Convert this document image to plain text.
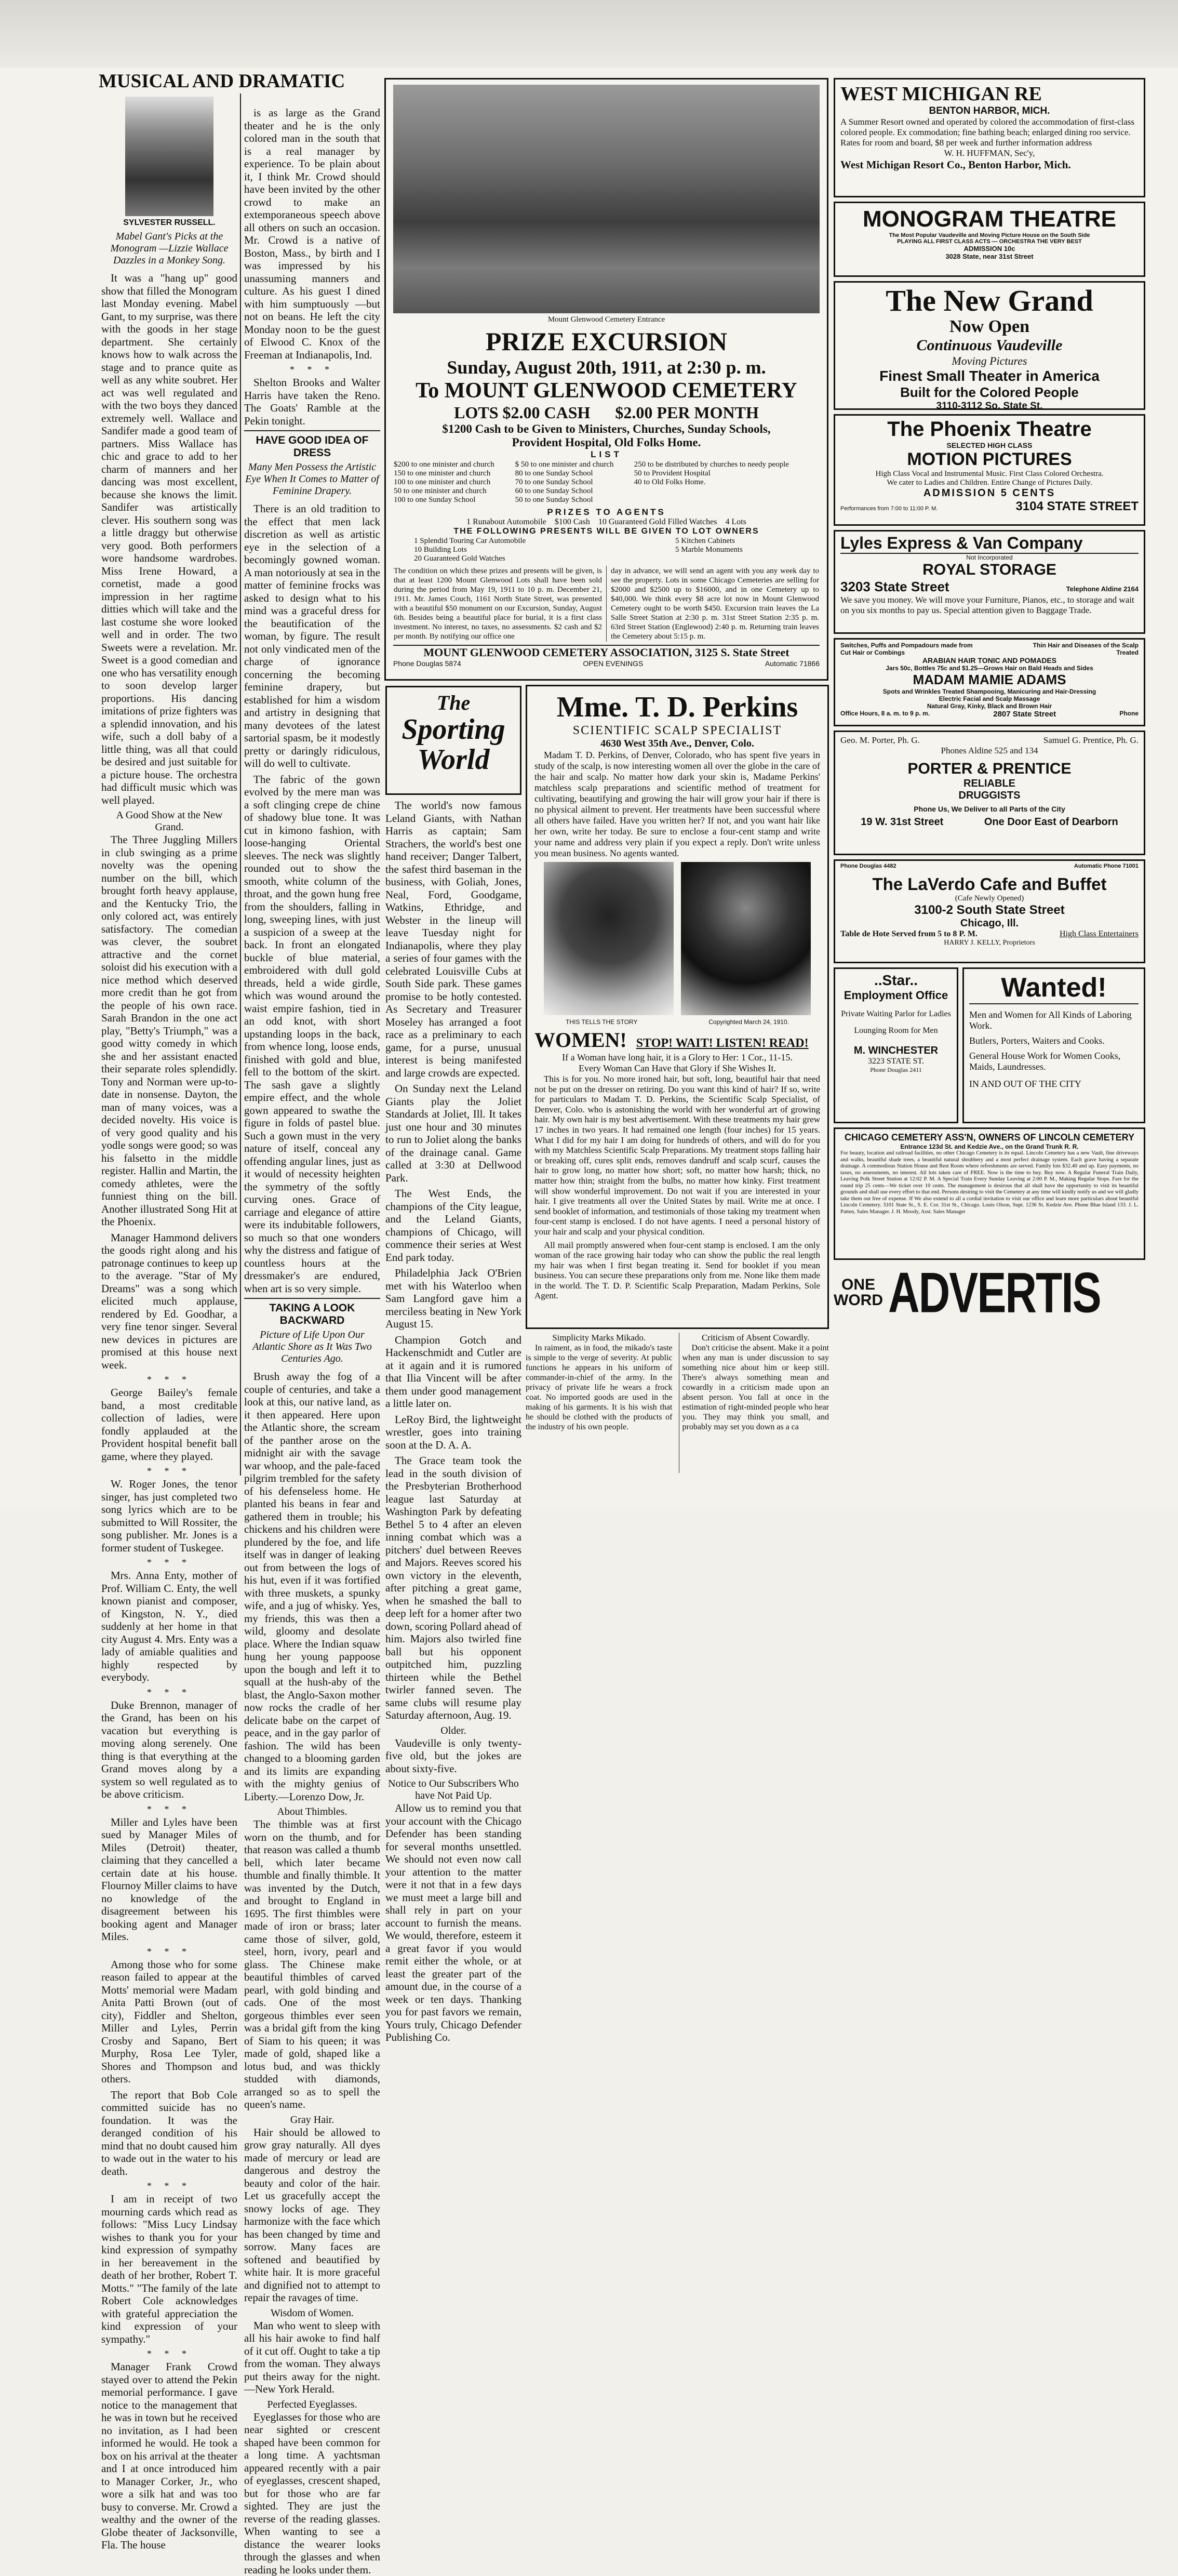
MUSICAL AND DRAMATIC
SYLVESTER RUSSELL.
Mabel Gant's Picks at the Monogram —Lizzie Wallace Dazzles in a Monkey Song.

It was a "hang up" good show that filled the Monogram last Monday evening. Mabel Gant, to my surprise, was there with the goods in her stage department. She certainly knows how to walk across the stage and to prance quite as well as any white soubret. Her act was well regulated and with the two boys they danced extremely well. Wallace and Sandifer made a good team of partners. Miss Wallace has chic and grace to add to her charm of manners and her dancing was most excellent, because she knows the limit. Sandifer was artistically clever. His southern song was a little draggy but otherwise very good. Both performers wore handsome wardrobes. Miss Irene Howard, a cornetist, made a good impression in her ragtime ditties which will take and the last costume she wore looked well and in order. The two Sweets were a revelation. Mr. Sweet is a good comedian and one who has versatility enough to soon develop larger proportions. His dancing imitations of prize fighters was a splendid innovation, and his wife, such a doll baby of a little thing, was all that could be desired and just suitable for a picture house. The orchestra had difficult music which was well played.

A Good Show at the New Grand.

The Three Juggling Millers in club swinging as a prime novelty was the opening number on the bill, which brought forth heavy applause, and the Kentucky Trio, the only colored act, was entirely satisfactory. The comedian was clever, the soubret attractive and the cornet soloist did his execution with a nice method which deserved more credit than he got from the people of his own race. Sarah Brandon in the one act play, "Betty's Triumph," was a good witty comedy in which she and her assistant enacted their separate roles splendidly. Tony and Norman were up-to-date in nonsense. Dayton, the man of many voices, was a decided novelty. His voice is of very good quality and his yodle songs were good; so was his falsetto in the middle register. Hallin and Martin, the comedy athletes, were the funniest thing on the bill. Another illustrated Song Hit at the Phoenix.

Manager Hammond delivers the goods right along and his patronage continues to keep up to the average. "Star of My Dreams" was a song which elicited much applause, rendered by Ed. Goodhar, a very fine tenor singer. Several new devices in pictures are promised at this house next week.

* * *

George Bailey's female band, a most creditable collection of ladies, were fondly applauded at the Provident hospital benefit ball game, where they played.

* * *

W. Roger Jones, the tenor singer, has just completed two song lyrics which are to be submitted to Will Rossiter, the song publisher. Mr. Jones is a former student of Tuskegee.

* * *

Mrs. Anna Enty, mother of Prof. William C. Enty, the well known pianist and composer, of Kingston, N. Y., died suddenly at her home in that city August 4. Mrs. Enty was a lady of amiable qualities and highly respected by everybody.

* * *

Duke Brennon, manager of the Grand, has been on his vacation but everything is moving along serenely. One thing is that everything at the Grand moves along by a system so well regulated as to be above criticism.

* * *

Miller and Lyles have been sued by Manager Miles of Miles (Detroit) theater, claiming that they cancelled a certain date at his house. Flournoy Miller claims to have no knowledge of the disagreement between his booking agent and Manager Miles.

* * *

Among those who for some reason failed to appear at the Motts' memorial were Madam Anita Patti Brown (out of city), Fiddler and Shelton, Miller and Lyles, Perrin Crosby and Sapano, Bert Murphy, Rosa Lee Tyler, Shores and Thompson and others.

The report that Bob Cole committed suicide has no foundation. It was the deranged condition of his mind that no doubt caused him to wade out in the water to his death.

* * *

I am in receipt of two mourning cards which read as follows: "Miss Lucy Lindsay wishes to thank you for your kind expression of sympathy in her bereavement in the death of her brother, Robert T. Motts." "The family of the late Robert Cole acknowledges with grateful appreciation the kind expression of your sympathy."

* * *

Manager Frank Crowd stayed over to attend the Pekin memorial performance. I gave notice to the management that he was in town but he received no invitation, as I had been informed he would. He took a box on his arrival at the theater and I at once introduced him to Manager Corker, Jr., who wore a silk hat and was too busy to converse. Mr. Crowd a wealthy and the owner of the Globe theater of Jacksonville, Fla. The house

is as large as the Grand theater and he is the only colored man in the south that is a real manager by experience. To be plain about it, I think Mr. Crowd should have been invited by the other crowd to make an extemporaneous speech above all others on such an occasion. Mr. Crowd is a native of Boston, Mass., by birth and I was impressed by his unassuming manners and culture. As his guest I dined with him sumptuously —but not on beans. He left the city Monday noon to be the guest of Elwood C. Knox of the Freeman at Indianapolis, Ind.

* * *

Shelton Brooks and Walter Harris have taken the Reno. The Goats' Ramble at the Pekin tonight.

HAVE GOOD IDEA OF DRESS
Many Men Possess the Artistic Eye When It Comes to Matter of Feminine Drapery.

There is an old tradition to the effect that men lack discretion as well as artistic eye in the selection of a becomingly gowned woman. A man notoriously at sea in the matter of feminine frocks was asked to design what to his mind was a graceful dress for the beautification of the woman, by figure. The result not only vindicated men of the charge of ignorance concerning the becoming feminine drapery, but established for him a wisdom and artistry in designing that many devotees of the latest sartorial spasm, be it modestly pretty or daringly ridiculous, will do well to cultivate.

The fabric of the gown evolved by the mere man was a soft clinging crepe de chine of shadowy blue tone. It was cut in kimono fashion, with loose-hanging Oriental sleeves. The neck was slightly rounded out to show the smooth, white column of the throat, and the gown hung free from the shoulders, falling in long, sweeping lines, with just a suspicion of a sweep at the back. In front an elongated buckle of blue material, embroidered with dull gold threads, held a wide girdle, which was wound around the waist empire fashion, tied in an odd knot, with short upstanding loops in the back, from whence long, loose ends, finished with gold and blue, fell to the bottom of the skirt. The sash gave a slightly empire effect, and the whole gown appeared to swathe the figure in folds of pastel blue. Such a gown must in the very nature of itself, conceal any offending angular lines, just as it would of necessity heighten the symmetry of the softly curving ones. Grace of carriage and elegance of attire were its indubitable followers, so much so that one wonders why the distress and fatigue of countless hours at the dressmaker's are endured, when art is so very simple.

TAKING A LOOK BACKWARD
Picture of Life Upon Our Atlantic Shore as It Was Two Centuries Ago.

Brush away the fog of a couple of centuries, and take a look at this, our native land, as it then appeared. Here upon the Atlantic shore, the scream of the panther arose on the midnight air with the savage war whoop, and the pale-faced pilgrim trembled for the safety of his defenseless home. He planted his beans in fear and gathered them in trouble; his chickens and his children were plundered by the foe, and life itself was in danger of leaking out from between the logs of his hut, even if it was fortified with three muskets, a spunky wife, and a jug of whisky. Yes, my friends, this was then a wild, gloomy and desolate place. Where the Indian squaw hung her young pappoose upon the bough and left it to squall at the hush-aby of the blast, the Anglo-Saxon mother now rocks the cradle of her delicate babe on the carpet of peace, and in the gay parlor of fashion. The wild has been changed to a blooming garden and its limits are expanding with the mighty genius of Liberty.—Lorenzo Dow, Jr.

About Thimbles.

The thimble was at first worn on the thumb, and for that reason was called a thumb bell, which later became thumble and finally thimble. It was invented by the Dutch, and brought to England in 1695. The first thimbles were made of iron or brass; later came those of silver, gold, steel, horn, ivory, pearl and glass. The Chinese make beautiful thimbles of carved pearl, with gold binding and cads. One of the most gorgeous thimbles ever seen was a bridal gift from the king of Siam to his queen; it was made of gold, shaped like a lotus bud, and was thickly studded with diamonds, arranged so as to spell the queen's name.

Gray Hair.

Hair should be allowed to grow gray naturally. All dyes made of mercury or lead are dangerous and destroy the beauty and color of the hair. Let us gracefully accept the snowy locks of age. They harmonize with the face which has been changed by time and sorrow. Many faces are softened and beautified by white hair. It is more graceful and dignified not to attempt to repair the ravages of time.

Wisdom of Women.

Man who went to sleep with all his hair awoke to find half of it cut off. Ought to take a tip from the woman. They always put theirs away for the night.—New York Herald.

Perfected Eyeglasses.

Eyeglasses for those who are near sighted or crescent shaped have been common for a long time. A yachtsman appeared recently with a pair of eyeglasses, crescent shaped, but for those who are far sighted. They are just the reverse of the reading glasses. When wanting to see a distance the wearer looks through the glasses and when reading he looks under them.

Mount Glenwood Cemetery Entrance
PRIZE EXCURSION
Sunday, August 20th, 1911, at 2:30 p. m.
To MOUNT GLENWOOD CEMETERY
LOTS $2.00 CASH      $2.00 PER MONTH
$1200 Cash to be Given to Ministers, Churches, Sunday Schools, Provident Hospital, Old Folks Home.
LIST
$200 to one minister and church
150 to one minister and church
100 to one minister and church
50 to one minister and church
100 to one Sunday School

$ 50 to one minister and church
80 to one Sunday School
70 to one Sunday School
60 to one Sunday School
50 to one Sunday School

250 to be distributed by churches to needy people
50 to Provident Hospital
40 to Old Folks Home.
PRIZES TO AGENTS
1 Runabout Automobile    $100 Cash    10 Guaranteed Gold Filled Watches    4 Lots
THE FOLLOWING PRESENTS WILL BE GIVEN TO LOT OWNERS
1 Splendid Touring Car Automobile
10 Building Lots
20 Guaranteed Gold Watches

5 Kitchen Cabinets
5 Marble Monuments
The condition on which these prizes and presents will be given, is that at least 1200 Mount Glenwood Lots shall have been sold during the period from May 19, 1911 to 10 p. m. December 21, 1911. Mr. James Couch, 1161 North State Street, was presented with a beautiful $50 monument on our Excursion, Sunday, August 6th. Besides being a beautiful place for burial, it is a first class investment. No interest, no taxes, no assessments. $2 cash and $2 per month. By notifying our office one	day in advance, we will send an agent with you any week day to see the property. Lots in some Chicago Cemeteries are selling for $2000 and $2500 up to $16000, and in one Cemetery up to $40,000. We think every $8 acre lot now in Mount Glenwood Cemetery ought to be worth $450. Excursion train leaves the La Salle Street Station at 2:30 p. m. 31st Street Station 2:35 p. m. 63rd Street Station (Englewood) 2:40 p. m. Returning train leaves the Cemetery about 5:15 p. m.
MOUNT GLENWOOD CEMETERY ASSOCIATION, 3125 S. State Street
Phone Douglas 5874	OPEN EVENINGS	Automatic 71866
The
Sporting
World

The world's now famous Leland Giants, with Nathan Harris as captain; Sam Strachers, the world's best one hand receiver; Danger Talbert, the safest third baseman in the business, with Goliah, Jones, Neal, Ford, Goodgame, Watkins, Ethridge, and Webster in the lineup will leave Tuesday night for Indianapolis, where they play a series of four games with the celebrated Louisville Cubs at South Side park. These games promise to be hotly contested. As Secretary and Treasurer Moseley has arranged a foot race as a preliminary to each game, for a purse, unusual interest is being manifested and large crowds are expected.

On Sunday next the Leland Giants play the Joliet Standards at Joliet, Ill. It takes just one hour and 30 minutes to run to Joliet along the banks of the drainage canal. Game called at 3:30 at Dellwood Park.

The West Ends, the champions of the City league, and the Leland Giants, champions of Chicago, will commence their series at West End park today.

Philadelphia Jack O'Brien met with his Waterloo when Sam Langford gave him a merciless beating in New York August 15.

Champion Gotch and Hackenschmidt and Cutler are at it again and it is rumored that Ilia Vincent will be after them under good management a little later on.

LeRoy Bird, the lightweight wrestler, goes into training soon at the D. A. A.

The Grace team took the lead in the south division of the Presbyterian Brotherhood league last Saturday at Washington Park by defeating Bethel 5 to 4 after an eleven inning combat which was a pitchers' duel between Reeves and Majors. Reeves scored his own victory in the eleventh, after pitching a great game, when he smashed the ball to deep left for a homer after two down, scoring Pollard ahead of him. Majors also twirled fine ball but his opponent outpitched him, puzzling thirteen while the Bethel twirler fanned seven. The same clubs will resume play Saturday afternoon, Aug. 19.

Older.

Vaudeville is only twenty-five old, but the jokes are about sixty-five.

Notice to Our Subscribers Who have Not Paid Up.

Allow us to remind you that your account with the Chicago Defender has been standing for several months unsettled. We should not even now call your attention to the matter were it not that in a few days we must meet a large bill and shall rely in part on your account to furnish the means. We would, therefore, esteem it a great favor if you would remit either the whole, or at least the greater part of the amount due, in the course of a week or ten days. Thanking you for past favors we remain, Yours truly, Chicago Defender Publishing Co.

Mme. T. D. Perkins
SCIENTIFIC SCALP SPECIALIST
4630 West 35th Ave., Denver, Colo.

Madam T. D. Perkins, of Denver, Colorado, who has spent five years in study of the scalp, is now interesting women all over the globe in the care of the hair and scalp. No matter how dark your skin is, Madame Perkins' matchless scalp preparations and scientific method of treatment for cultivating, beautifying and growing the hair will grow your hair if there is no physical ailment to prevent. Her treatments have been successful where all others have failed. Have you written her? If not, and you want hair like her own, write her today. Be sure to enclose a four-cent stamp and write your name and address very plain if you expect a reply. Don't write unless you mean business. No agents wanted.

THIS TELLS THE STORY	Copyrighted March 24, 1910.
WOMEN! STOP! WAIT! LISTEN! READ!
If a Woman have long hair, it is a Glory to Her: 1 Cor., 11-15.
Every Woman Can Have that Glory if She Wishes It.

This is for you. No more ironed hair, but soft, long, beautiful hair that need not be put on the dresser on retiring. Do you want this kind of hair? If so, write for particulars to Madam T. D. Perkins, the Scientific Scalp Specialist, of Denver, Colo. who is astonishing the world with her wonderful art of growing hair. My own hair is my best advertisement. With these treatments my hair grew 17 inches in two years. It had remained one length (four inches) for 15 years. What I did for my hair I am doing for hundreds of others, and will do for you with my Matchless Scientific Scalp Preparations. My treatment stops falling hair or breaking off, cures split ends, removes dandruff and scalp scurf, causes the hair to grow long, no matter how short; soft, no matter how harsh; thick, no matter how thin; straight from the bulbs, no matter how kinky. First treatment will show wonderful improvement. Do not wait if you are interested in your hair. I give treatments all over the United States by mail. Write me at once. I send booklet of information, and testimonials of those taking my treatment when four-cent stamp is enclosed. I do not have agents. I need a personal history of your hair and scalp and your physical condition.

All mail promptly answered when four-cent stamp is enclosed. I am the only woman of the race growing hair today who can show the public the real length my hair was when I first began treating it. Send for booklet if you mean business. You can secure these preparations only from me. None like them made in the world. The T. D. P. Scientific Scalp Preparation, Madam Perkins, Sole Agent.

Simplicity Marks Mikado.

In raiment, as in food, the mikado's taste is simple to the verge of severity. At public functions he appears in his uniform of commander-in-chief of the army. In the privacy of private life he wears a frock coat. No imported goods are used in the making of his garments. It is his wish that he should be clothed with the products of the industry of his own people.

Criticism of Absent Cowardly.

Don't criticise the absent. Make it a point when any man is under discussion to say something nice about him or keep still. There's always something mean and cowardly in a criticism made upon an absent person. You fall at once in the estimation of right-minded people who hear you. They may think you small, and probably may set you down as a ca

WEST MICHIGAN RE
BENTON HARBOR, MICH.
A Summer Resort owned and operated by colored the accommodation of first-class colored people. Ex commodation; fine bathing beach; enlarged dining roo service. Rates for room and board, $8 per week and further information address
W. H. HUFFMAN, Sec'y,
West Michigan Resort Co., Benton Harbor, Mich.
MONOGRAM THEATRE
The Most Popular Vaudeville and Moving Picture House on the South Side
PLAYING ALL FIRST CLASS ACTS — ORCHESTRA THE VERY BEST
ADMISSION 10c
3028 State, near 31st Street
The New Grand
Now Open
Continuous Vaudeville
Moving Pictures
Finest Small Theater in America
Built for the Colored People
3110-3112 So. State St.
The Phoenix Theatre
SELECTED HIGH CLASS
MOTION PICTURES
High Class Vocal and Instrumental Music. First Class Colored Orchestra.
We cater to Ladies and Children. Entire Change of Pictures Daily.
ADMISSION 5 CENTS
Performances from 7:00 to 11:00 P. M.	3104 STATE STREET
Lyles Express & Van Company
Not Incorporated
ROYAL STORAGE
3203 State Street	Telephone Aldine 2164
We save you money. We will move your Furniture, Pianos, etc., to storage and wait on you six months to pay us. Special attention given to Baggage Trade.
Switches, Puffs and Pompadours made from Cut Hair or Combings
Thin Hair and Diseases of the Scalp Treated
ARABIAN HAIR TONIC AND POMADES
Jars 50c, Bottles 75c and $1.25—Grows Hair on Bald Heads and Sides
MADAM MAMIE ADAMS
Spots and Wrinkles Treated Shampooing, Manicuring and Hair-Dressing
Electric Facial and Scalp Massage
Natural Gray, Kinky, Black and Brown Hair
Office Hours, 8 a. m. to 9 p. m.	2807 State Street	Phone
Geo. M. Porter, Ph. G.	Samuel G. Prentice, Ph. G.
Phones Aldine 525 and 134
PORTER & PRENTICE
RELIABLE
DRUGGISTS
Phone Us, We Deliver to all Parts of the City
19 W. 31st Street	One Door East of Dearborn
Phone Douglas 4482	Automatic Phone 71001
The LaVerdo Cafe and Buffet
(Cafe Newly Opened)
3100-2 South State Street
Chicago, Ill.
Table de Hote Served from 5 to 8 P. M.	High Class Entertainers
HARRY J. KELLY, Proprietors
..Star..
Employment Office
Private Waiting Parlor for Ladies
Lounging Room for Men
M. WINCHESTER
3223 STATE ST.
Phone Douglas 2411
Wanted!
Men and Women for All Kinds of Laboring Work.
Butlers, Porters, Waiters and Cooks.
General House Work for Women Cooks, Maids, Laundresses.
IN AND OUT OF THE CITY
CHICAGO CEMETERY ASS'N, OWNERS OF LINCOLN CEMETERY
Entrance 123d St. and Kedzie Ave., on the Grand Trunk R. R.
For beauty, location and railroad facilities, no other Chicago Cemetery is its equal. Lincoln Cemetery has a new Vault, fine driveways and walks, beautiful shade trees, a beautiful natural shrubbery and a most perfect drainage system. Each grave having a separate drainage. A commodious Station House and Rest Room where refreshments are served. Family lots $32.40 and up. Easy payments, no taxes, no assessments, no interest. All lots taken care of FREE. Now is the time to buy. Buy now. A Regular Funeral Train Daily, Leaving Polk Street Station at 12:02 P. M. A Special Train Every Sunday Leaving at 2:00 P. M., Making Regular Stops. Fare for the round trip 25 cents—We ticket over 10 cents. The management is desirous that all shall have the opportunity to visit its beautiful grounds and shall use every effort to that end. Persons desiring to visit the Cemetery at any time will kindly notify us and we will gladly take them out free of expense. If We also extend to all a cordial invitation to visit our office and learn more particulars about beautiful Lincoln Cemetery. 3101 State St., S. E. Cor. 31st St., Chicago. Louis Olson, Supt. 1236 St. Kedzie Ave. Phone Blue Island 133. J. L. Patten, Sales Manager. J. H. Moody, Asst. Sales Manager
ONE
WORD ADVERTIS
